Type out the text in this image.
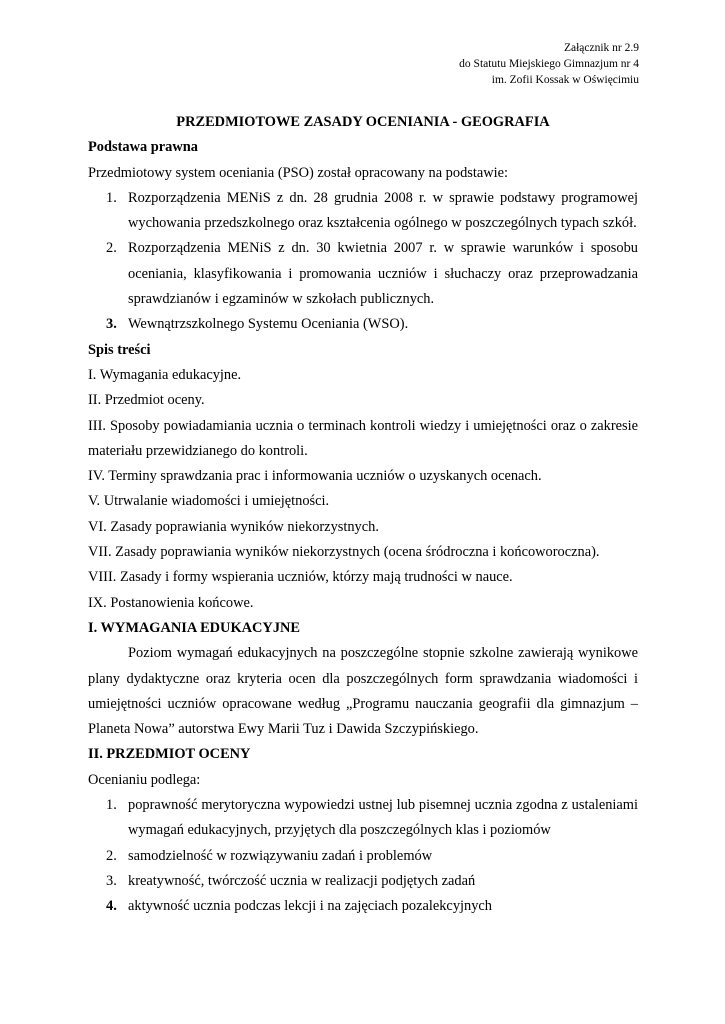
Załącznik nr 2.9
do Statutu Miejskiego Gimnazjum nr 4
im. Zofii Kossak w Oświęcimiu

PRZEDMIOTOWE ZASADY OCENIANIA - GEOGRAFIA

Podstawa prawna

Przedmiotowy system oceniania (PSO) został opracowany na podstawie:

1. Rozporządzenia MENiS z dn. 28 grudnia 2008 r. w sprawie podstawy programowej wychowania przedszkolnego oraz kształcenia ogólnego w poszczególnych typach szkół.
2. Rozporządzenia MENiS z dn. 30 kwietnia 2007 r. w sprawie warunków i sposobu oceniania, klasyfikowania i promowania uczniów i słuchaczy oraz przeprowadzania sprawdzianów i egzaminów w szkołach publicznych.
3. Wewnątrzszkolnego Systemu Oceniania (WSO).

Spis treści

I. Wymagania edukacyjne.

II. Przedmiot oceny.

III. Sposoby powiadamiania ucznia o terminach kontroli wiedzy i umiejętności oraz o zakresie materiału przewidzianego do kontroli.

IV. Terminy sprawdzania prac i informowania uczniów o uzyskanych ocenach.

V. Utrwalanie wiadomości i umiejętności.

VI. Zasady poprawiania wyników niekorzystnych.

VII. Zasady poprawiania wyników niekorzystnych (ocena śródroczna i końcoworoczna).

VIII. Zasady i formy wspierania uczniów, którzy mają trudności w nauce.

IX. Postanowienia końcowe.

I. WYMAGANIA EDUKACYJNE

Poziom wymagań edukacyjnych na poszczególne stopnie szkolne zawierają wynikowe plany dydaktyczne oraz kryteria ocen dla poszczególnych form sprawdzania wiadomości i umiejętności uczniów opracowane według „Programu nauczania geografii dla gimnazjum – Planeta Nowa” autorstwa Ewy Marii Tuz i Dawida Szczypińskiego.

II. PRZEDMIOT OCENY

Ocenianiu podlega:

1. poprawność merytoryczna wypowiedzi ustnej lub pisemnej ucznia zgodna z ustaleniami wymagań edukacyjnych, przyjętych dla poszczególnych klas i poziomów
2. samodzielność w rozwiązywaniu zadań i problemów
3. kreatywność, twórczość ucznia w realizacji podjętych zadań
4. aktywność ucznia podczas lekcji i na zajęciach pozalekcyjnych
